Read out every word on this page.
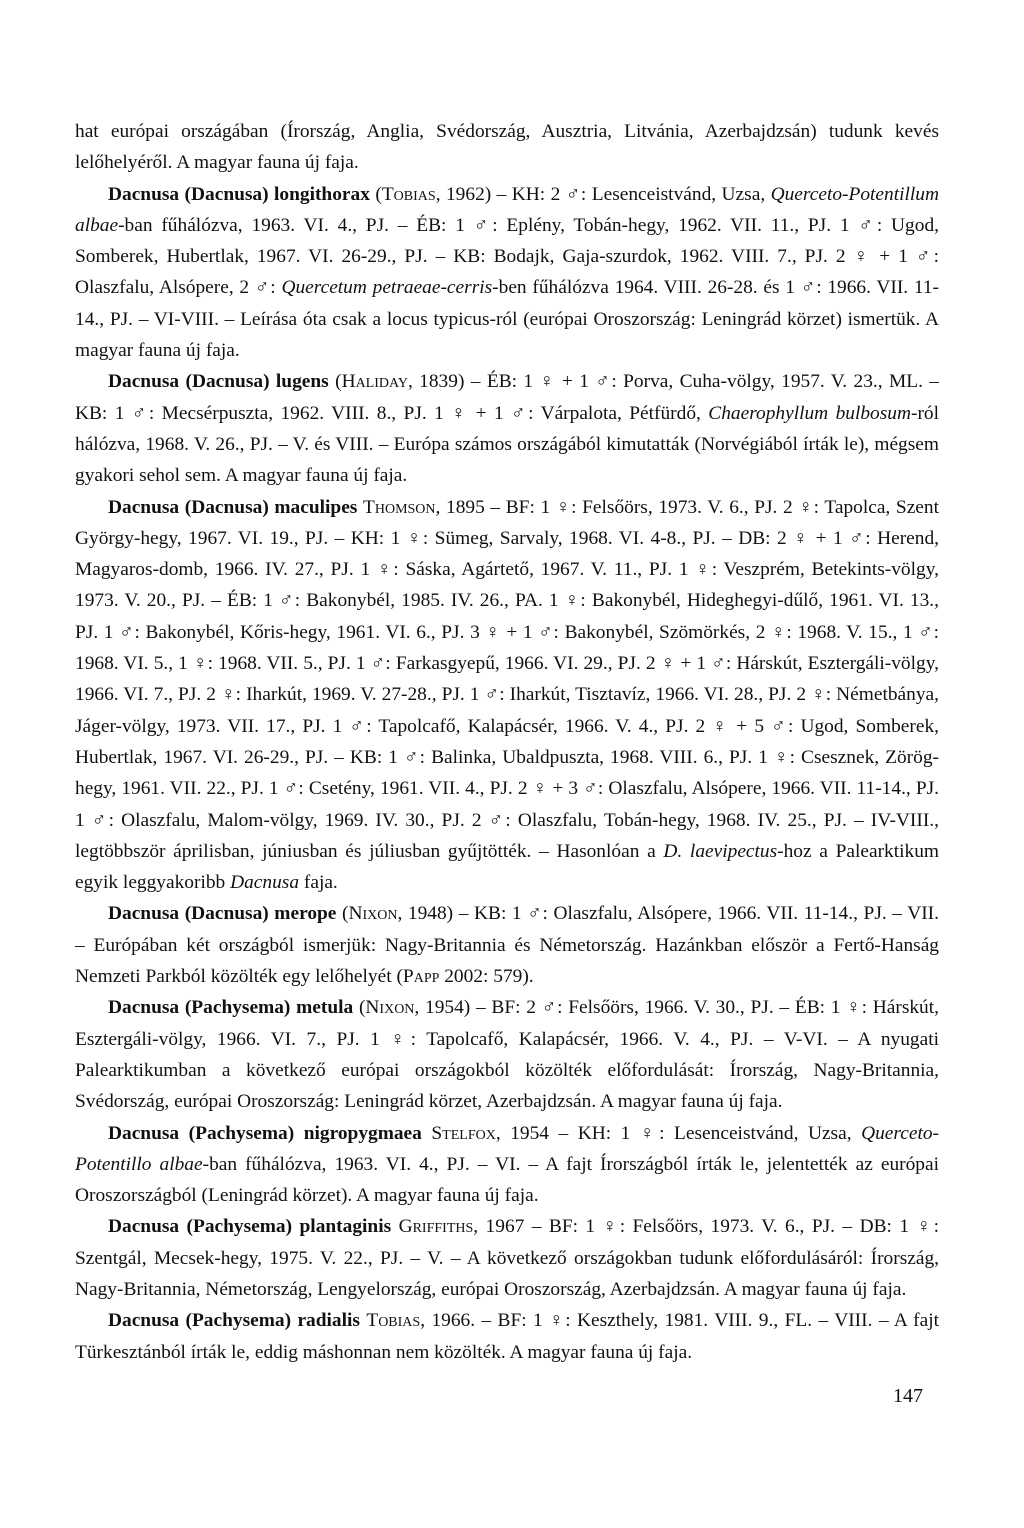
hat európai országában (Írország, Anglia, Svédország, Ausztria, Litvánia, Azerbajdzsán) tudunk kevés lelőhelyéről. A magyar fauna új faja.

Dacnusa (Dacnusa) longithorax (Tobias, 1962) – KH: 2 ♂: Lesenceistvánd, Uzsa, Querceto-Potentillum albae-ban fűhálózva, 1963. VI. 4., PJ. – ÉB: 1 ♂: Eplény, Tobán-hegy, 1962. VII. 11., PJ. 1 ♂: Ugod, Somberek, Hubertlak, 1967. VI. 26-29., PJ. – KB: Bodajk, Gaja-szurdok, 1962. VIII. 7., PJ. 2 ♀ + 1 ♂: Olaszfalu, Alsópere, 2 ♂: Quercetum petraeae-cerris-ben fűhálózva 1964. VIII. 26-28. és 1 ♂: 1966. VII. 11-14., PJ. – VI-VIII. – Leírása óta csak a locus typicus-ról (európai Oroszország: Leningrád körzet) ismertük. A magyar fauna új faja.

Dacnusa (Dacnusa) lugens (Haliday, 1839) – ÉB: 1 ♀ + 1 ♂: Porva, Cuha-völgy, 1957. V. 23., ML. – KB: 1 ♂: Mecsérpuszta, 1962. VIII. 8., PJ. 1 ♀ + 1 ♂: Várpalota, Pétfürdő, Chaerophyllum bulbosum-ról hálózva, 1968. V. 26., PJ. – V. és VIII. – Európa számos országából kimutatták (Norvégiából írták le), mégsem gyakori sehol sem. A magyar fauna új faja.

Dacnusa (Dacnusa) maculipes Thomson, 1895 – BF: 1 ♀: Felsőörs, 1973. V. 6., PJ. 2 ♀: Tapolca, Szent György-hegy, 1967. VI. 19., PJ. – KH: 1 ♀: Sümeg, Sarvaly, 1968. VI. 4-8., PJ. – DB: 2 ♀ + 1 ♂: Herend, Magyaros-domb, 1966. IV. 27., PJ. 1 ♀: Sáska, Agártető, 1967. V. 11., PJ. 1 ♀: Veszprém, Betekints-völgy, 1973. V. 20., PJ. – ÉB: 1 ♂: Bakonybél, 1985. IV. 26., PA. 1 ♀: Bakonybél, Hideghegyi-dűlő, 1961. VI. 13., PJ. 1 ♂: Bakonybél, Kőris-hegy, 1961. VI. 6., PJ. 3 ♀ + 1 ♂: Bakonybél, Szömörkés, 2 ♀: 1968. V. 15., 1 ♂: 1968. VI. 5., 1 ♀: 1968. VII. 5., PJ. 1 ♂: Farkasgyepű, 1966. VI. 29., PJ. 2 ♀ + 1 ♂: Hárskút, Esztergáli-völgy, 1966. VI. 7., PJ. 2 ♀: Iharkút, 1969. V. 27-28., PJ. 1 ♂: Iharkút, Tisztavíz, 1966. VI. 28., PJ. 2 ♀: Németbánya, Jáger-völgy, 1973. VII. 17., PJ. 1 ♂: Tapolcafő, Kalapácsér, 1966. V. 4., PJ. 2 ♀ + 5 ♂: Ugod, Somberek, Hubertlak, 1967. VI. 26-29., PJ. – KB: 1 ♂: Balinka, Ubaldpuszta, 1968. VIII. 6., PJ. 1 ♀: Csesznek, Zörög-hegy, 1961. VII. 22., PJ. 1 ♂: Csetény, 1961. VII. 4., PJ. 2 ♀ + 3 ♂: Olaszfalu, Alsópere, 1966. VII. 11-14., PJ. 1 ♂: Olaszfalu, Malom-völgy, 1969. IV. 30., PJ. 2 ♂: Olaszfalu, Tobán-hegy, 1968. IV. 25., PJ. – IV-VIII., legtöbbször áprilisban, júniusban és júliusban gyűjtötték. – Hasonlóan a D. laevipectus-hoz a Palearktikum egyik leggyakoribb Dacnusa faja.

Dacnusa (Dacnusa) merope (Nixon, 1948) – KB: 1 ♂: Olaszfalu, Alsópere, 1966. VII. 11-14., PJ. – VII. – Európában két országból ismerjük: Nagy-Britannia és Németország. Hazánkban először a Fertő-Hanság Nemzeti Parkból közölték egy lelőhelyét (Papp 2002: 579).

Dacnusa (Pachysema) metula (Nixon, 1954) – BF: 2 ♂: Felsőörs, 1966. V. 30., PJ. – ÉB: 1 ♀: Hárskút, Esztergáli-völgy, 1966. VI. 7., PJ. 1 ♀: Tapolcafő, Kalapácsér, 1966. V. 4., PJ. – V-VI. – A nyugati Palearktikumban a következő európai országokból közölték előfordulását: Írország, Nagy-Britannia, Svédország, európai Oroszország: Leningrád körzet, Azerbajdzsán. A magyar fauna új faja.

Dacnusa (Pachysema) nigropygmaea Stelfox, 1954 – KH: 1 ♀: Lesenceistvánd, Uzsa, Querceto-Potentillo albae-ban fűhálózva, 1963. VI. 4., PJ. – VI. – A fajt Írországból írták le, jelentették az európai Oroszországból (Leningrád körzet). A magyar fauna új faja.

Dacnusa (Pachysema) plantaginis Griffiths, 1967 – BF: 1 ♀: Felsőörs, 1973. V. 6., PJ. – DB: 1 ♀: Szentgál, Mecsek-hegy, 1975. V. 22., PJ. – V. – A következő országokban tudunk előfordulásáról: Írország, Nagy-Britannia, Németország, Lengyelország, európai Oroszország, Azerbajdzsán. A magyar fauna új faja.

Dacnusa (Pachysema) radialis Tobias, 1966. – BF: 1 ♀: Keszthely, 1981. VIII. 9., FL. – VIII. – A fajt Türkesztánból írták le, eddig máshonnan nem közölték. A magyar fauna új faja.

147
